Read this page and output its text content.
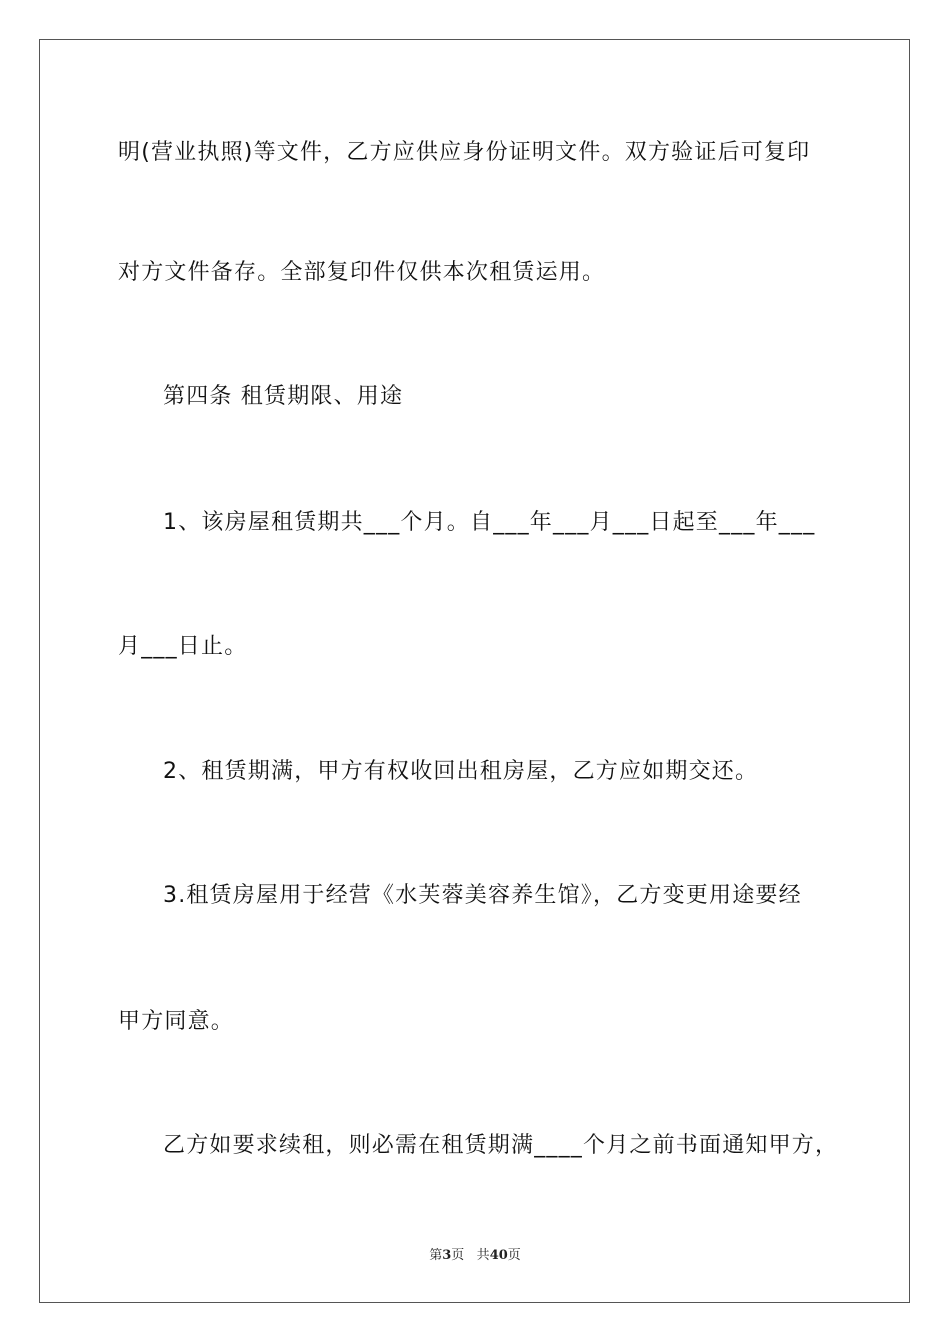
明(营业执照)等文件，乙方应供应身份证明文件。双方验证后可复印
对方文件备存。全部复印件仅供本次租赁运用。
第四条 租赁期限、用途
1、该房屋租赁期共___个月。自___年___月___日起至___年___
月___日止。
2、租赁期满，甲方有权收回出租房屋，乙方应如期交还。
3.租赁房屋用于经营《水芙蓉美容养生馆》，乙方变更用途要经
甲方同意。
乙方如要求续租，则必需在租赁期满____个月之前书面通知甲方，
第3页 共40页
